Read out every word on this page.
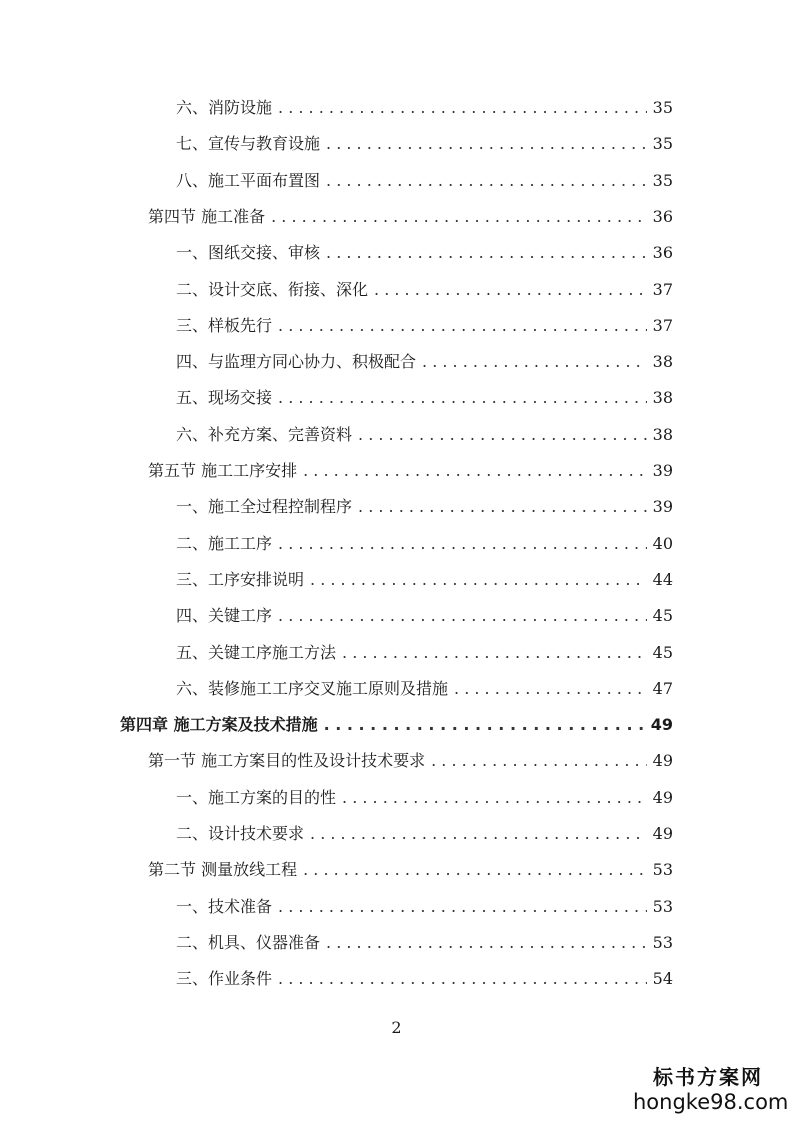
六、消防设施 . . .	35
七、宣传与教育设施 . . .	35
八、施工平面布置图 . . .	35
第四节 施工准备 . . .	36
一、图纸交接、审核 . . .	36
二、设计交底、衔接、深化 . . .	37
三、样板先行 . . .	37
四、与监理方同心协力、积极配合 . . .	38
五、现场交接 . . .	38
六、补充方案、完善资料 . . .	38
第五节 施工工序安排 . . .	39
一、施工全过程控制程序 . . .	39
二、施工工序 . . .	40
三、工序安排说明 . . .	44
四、关键工序 . . .	45
五、关键工序施工方法 . . .	45
六、装修施工工序交叉施工原则及措施 . . .	47
第四章 施工方案及技术措施 . . .	49
第一节 施工方案目的性及设计技术要求 . . .	49
一、施工方案的目的性 . . .	49
二、设计技术要求 . . .	49
第二节 测量放线工程 . . .	53
一、技术准备 . . .	53
二、机具、仪器准备 . . .	53
三、作业条件 . . .	54
2
标书方案网
hongke98.com
